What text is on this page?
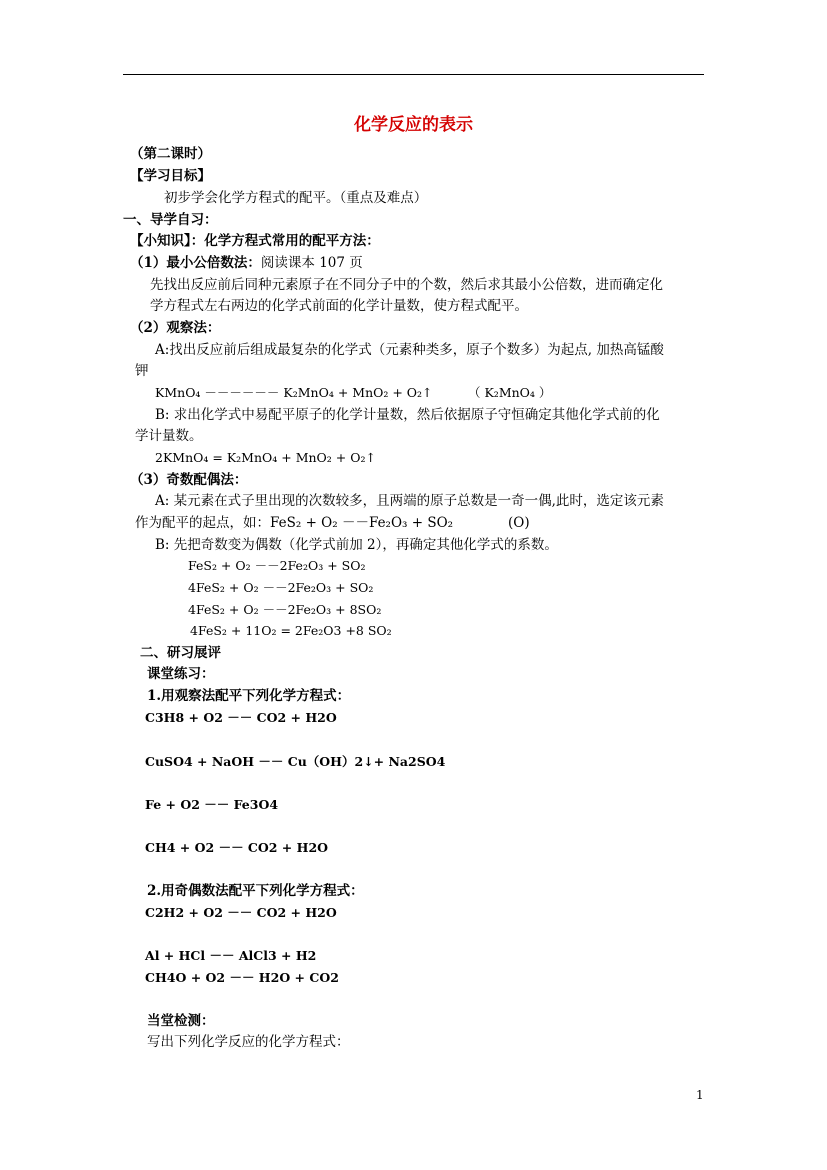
化学反应的表示
（第二课时）
【学习目标】
初步学会化学方程式的配平。（重点及难点）
一、导学自习：
【小知识】：化学方程式常用的配平方法：
（1）最小公倍数法：阅读课本 107 页
先找出反应前后同种元素原子在不同分子中的个数，然后求其最小公倍数，进而确定化
学方程式左右两边的化学式前面的化学计量数，使方程式配平。
（2）观察法：
A:找出反应前后组成最复杂的化学式（元素种类多，原子个数多）为起点, 加热高锰酸
钾
KMnO₄ －－－－－－ K₂MnO₄ + MnO₂ + O₂↑	（ K₂MnO₄ ）
B: 求出化学式中易配平原子的化学计量数，然后依据原子守恒确定其他化学式前的化
学计量数。
2KMnO₄ = K₂MnO₄ + MnO₂ + O₂↑
（3）奇数配偶法：
A: 某元素在式子里出现的次数较多，且两端的原子总数是一奇一偶,此时，选定该元素
作为配平的起点，如：FeS₂ + O₂ －－Fe₂O₃ + SO₂	(O)
B: 先把奇数变为偶数（化学式前加 2），再确定其他化学式的系数。
FeS₂ + O₂ －－2Fe₂O₃ + SO₂
4FeS₂ + O₂ －－2Fe₂O₃ + SO₂
4FeS₂ + O₂ －－2Fe₂O₃ + 8SO₂
4FeS₂ + 11O₂ = 2Fe₂O3 +8 SO₂
二、研习展评
课堂练习：
1.用观察法配平下列化学方程式：
C3H8 + O2 －－ CO2 + H2O
CuSO4 + NaOH －－ Cu（OH）2↓+ Na2SO4
Fe + O2 －－ Fe3O4
CH4 + O2 －－ CO2 + H2O
2.用奇偶数法配平下列化学方程式：
C2H2 + O2 －－ CO2 + H2O
Al + HCl －－ AlCl3 + H2
CH4O + O2 －－ H2O + CO2
当堂检测：
写出下列化学反应的化学方程式：
1
